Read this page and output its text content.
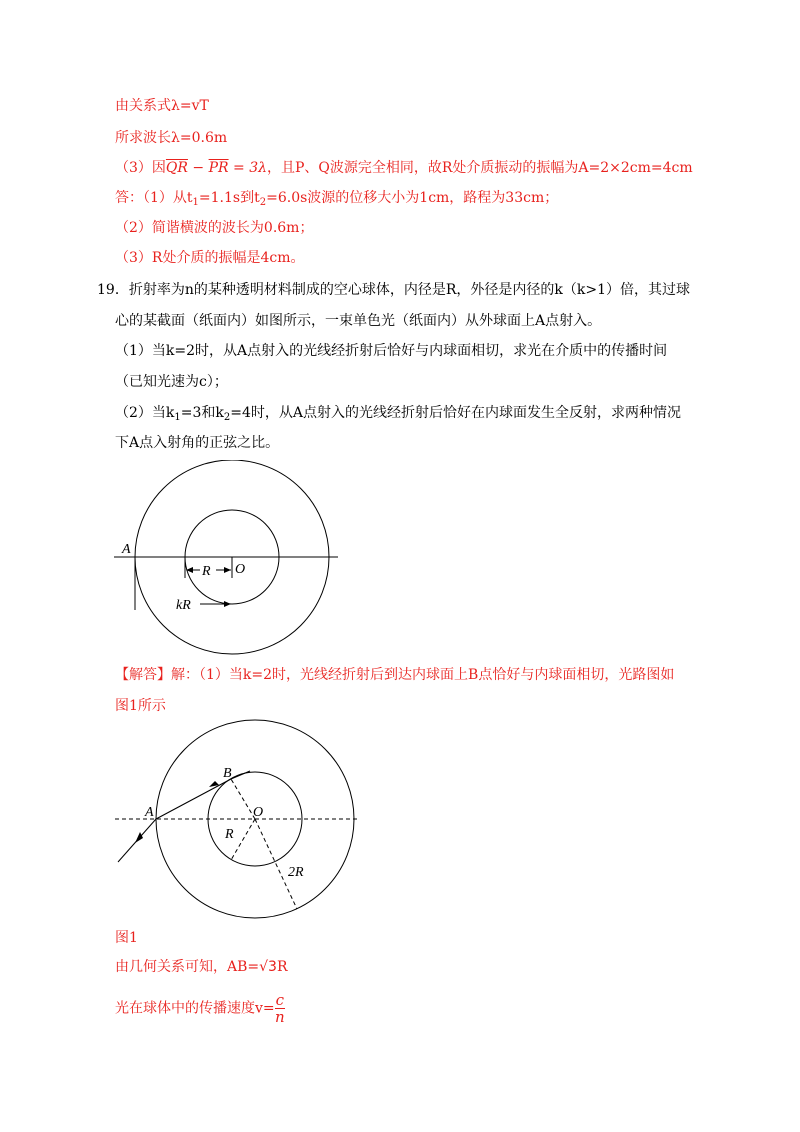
由关系式λ=vT
所求波长λ=0.6m
（3）因$\overline{QR} - \overline{PR} = 3\lambda$，且P、Q波源完全相同，故R处介质振动的振幅为A=2×2cm=4cm
答：（1）从$t_1=1.1s$到$t_2=6.0s$波源的位移大小为1cm，路程为33cm；
（2）简谐横波的波长为0.6m；
（3）R处介质的振幅是4cm。
19．折射率为n的某种透明材料制成的空心球体，内径是R，外径是内径的k（k>1）倍，其过球
心的某截面（纸面内）如图所示，一束单色光（纸面内）从外球面上A点射入。
（1）当k=2时，从A点射入的光线经折射后恰好与内球面相切，求光在介质中的传播时间
（已知光速为c）；
（2）当$k_1=3$和$k_2=4$时，从A点射入的光线经折射后恰好在内球面发生全反射，求两种情况
下A点入射角的正弦之比。
A
O
R
kR
【解答】解：（1）当k=2时，光线经折射后到达内球面上B点恰好与内球面相切，光路图如
图1所示
A
B
O
R
2R
图1
由几何关系可知，AB=√3R
光在球体中的传播速度$v= \frac{c}{n}$
